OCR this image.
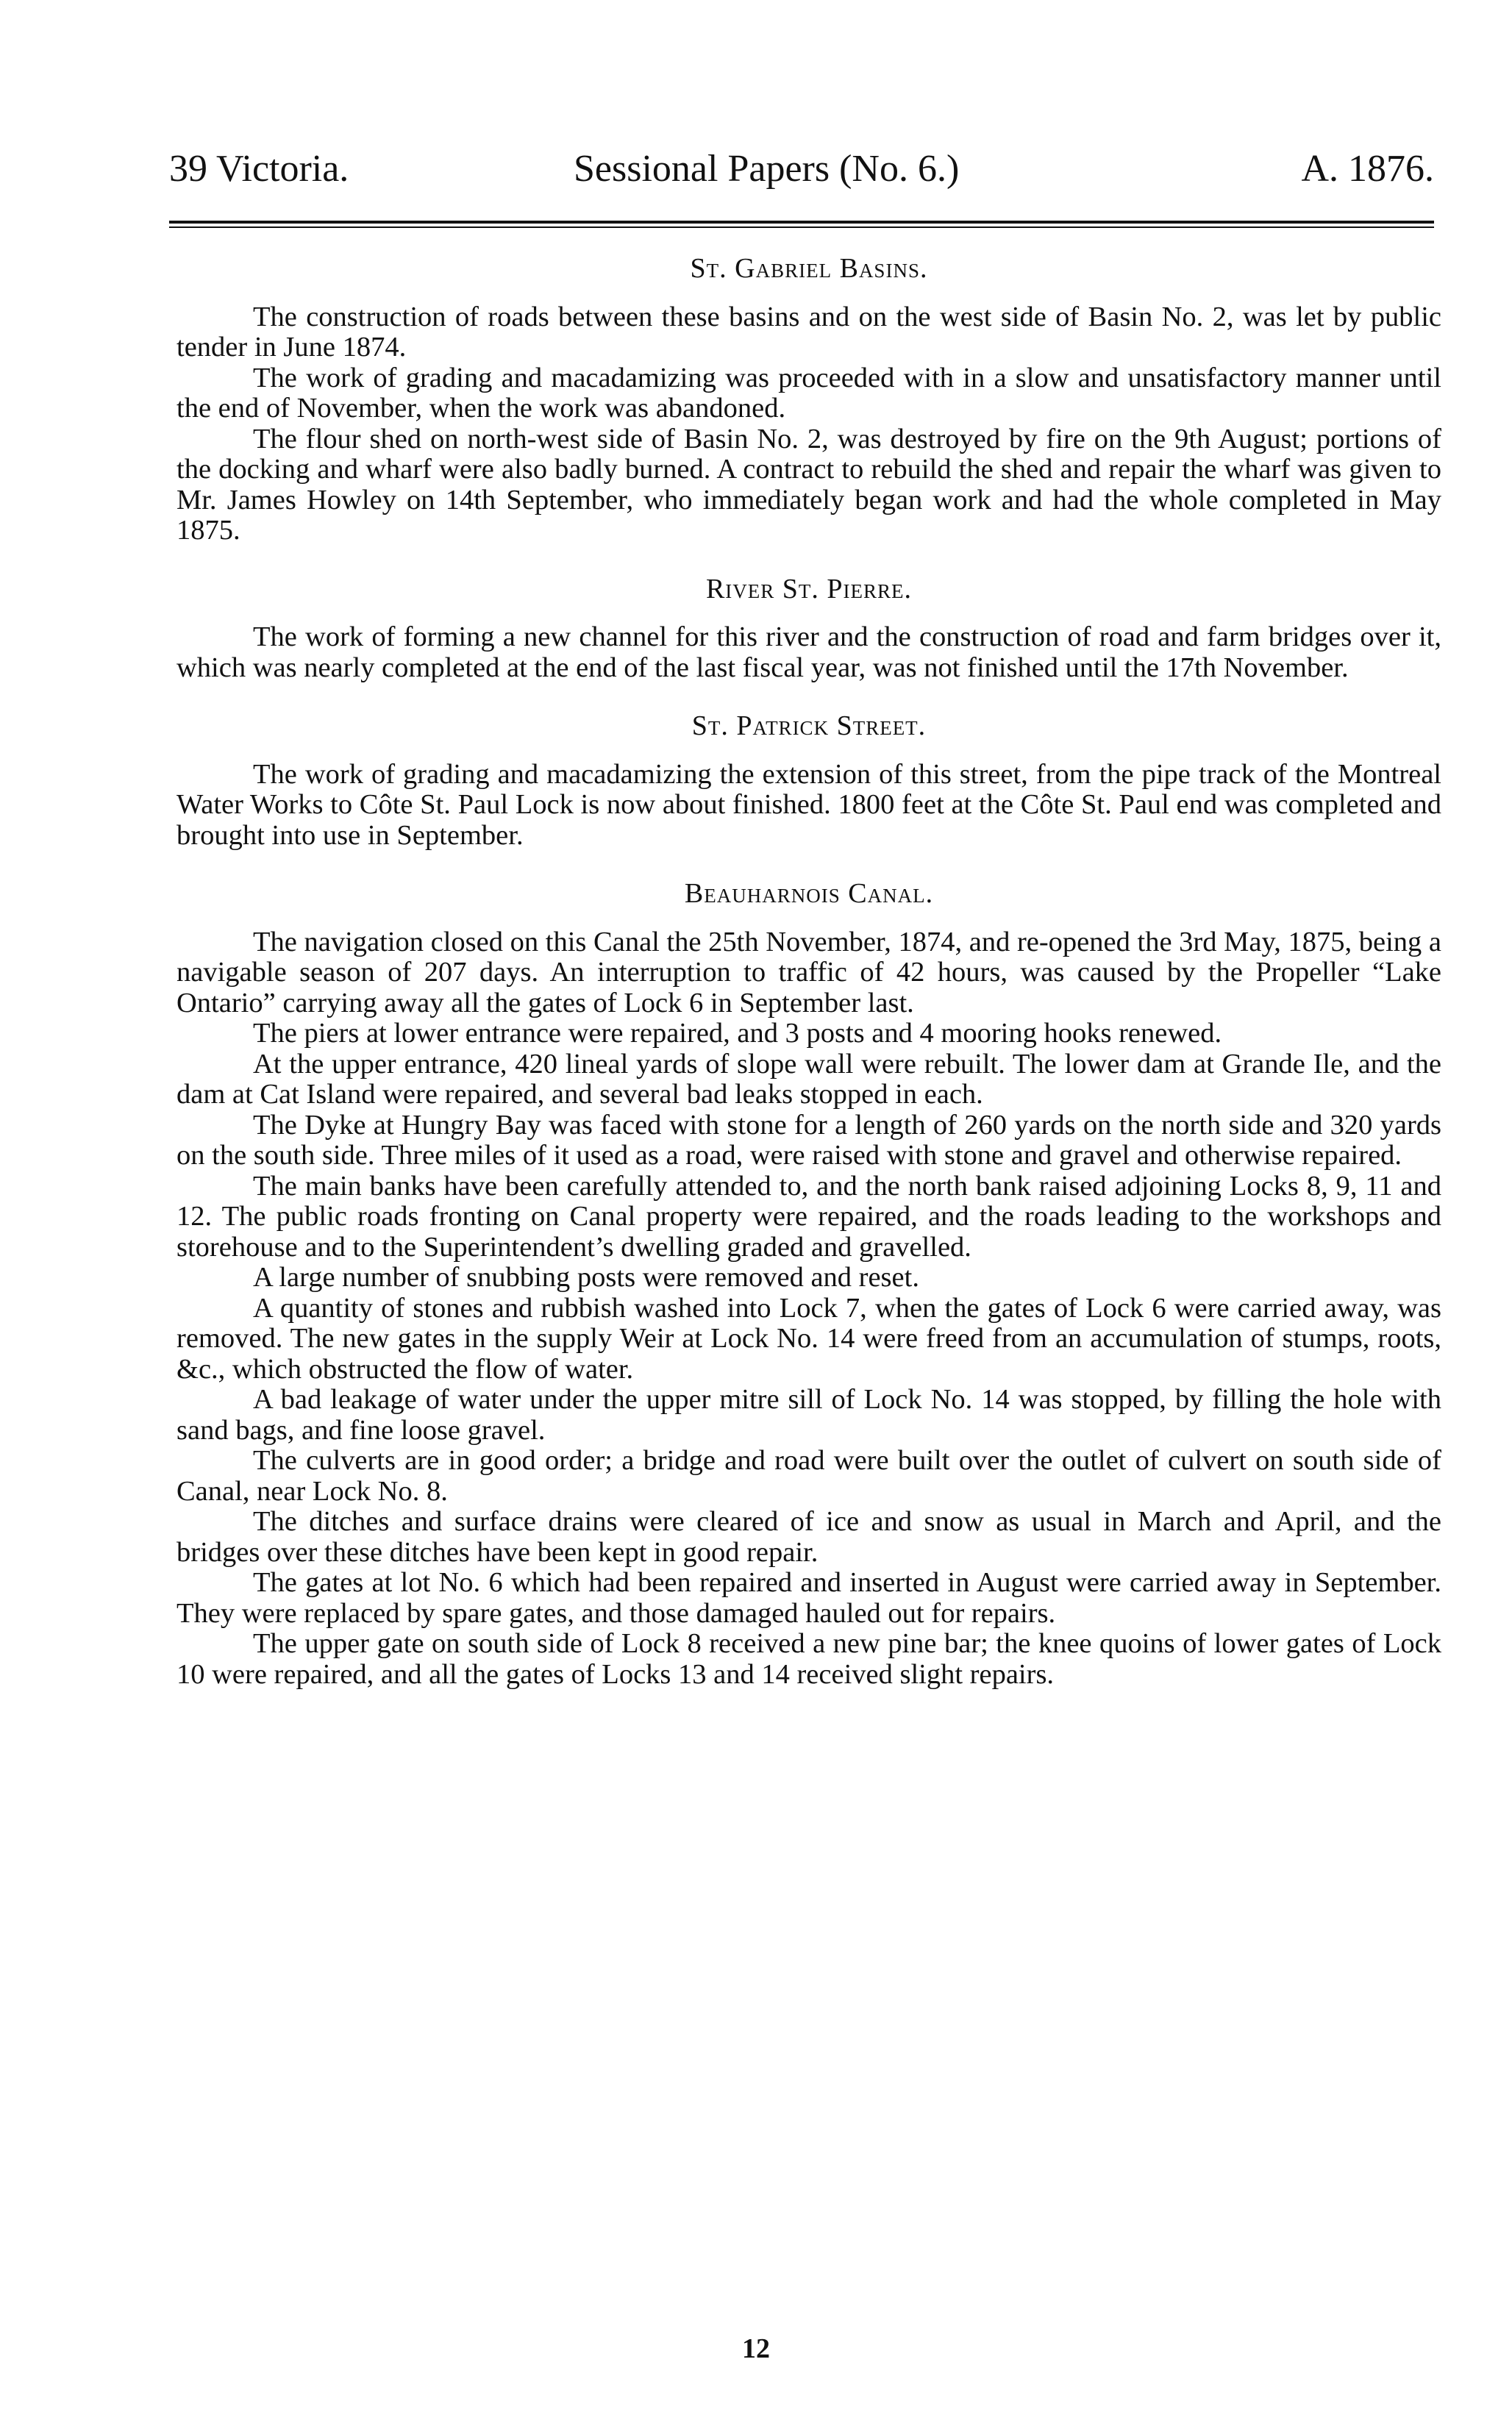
39 Victoria.	Sessional Papers (No. 6.)	A. 1876.
St. Gabriel Basins.

The construction of roads between these basins and on the west side of Basin No. 2, was let by public tender in June 1874.

The work of grading and macadamizing was proceeded with in a slow and unsatisfactory manner until the end of November, when the work was abandoned.

The flour shed on north-west side of Basin No. 2, was destroyed by fire on the 9th August; portions of the docking and wharf were also badly burned. A contract to rebuild the shed and repair the wharf was given to Mr. James Howley on 14th September, who immediately began work and had the whole completed in May 1875.

River St. Pierre.

The work of forming a new channel for this river and the construction of road and farm bridges over it, which was nearly completed at the end of the last fiscal year, was not finished until the 17th November.

St. Patrick Street.

The work of grading and macadamizing the extension of this street, from the pipe track of the Montreal Water Works to Côte St. Paul Lock is now about finished. 1800 feet at the Côte St. Paul end was completed and brought into use in September.

Beauharnois Canal.

The navigation closed on this Canal the 25th November, 1874, and re-opened the 3rd May, 1875, being a navigable season of 207 days. An interruption to traffic of 42 hours, was caused by the Propeller “Lake Ontario” carrying away all the gates of Lock 6 in September last.

The piers at lower entrance were repaired, and 3 posts and 4 mooring hooks renewed.

At the upper entrance, 420 lineal yards of slope wall were rebuilt. The lower dam at Grande Ile, and the dam at Cat Island were repaired, and several bad leaks stopped in each.

The Dyke at Hungry Bay was faced with stone for a length of 260 yards on the north side and 320 yards on the south side. Three miles of it used as a road, were raised with stone and gravel and otherwise repaired.

The main banks have been carefully attended to, and the north bank raised adjoining Locks 8, 9, 11 and 12. The public roads fronting on Canal property were repaired, and the roads leading to the workshops and storehouse and to the Superintendent’s dwelling graded and gravelled.

A large number of snubbing posts were removed and reset.

A quantity of stones and rubbish washed into Lock 7, when the gates of Lock 6 were carried away, was removed. The new gates in the supply Weir at Lock No. 14 were freed from an accumulation of stumps, roots, &c., which obstructed the flow of water.

A bad leakage of water under the upper mitre sill of Lock No. 14 was stopped, by filling the hole with sand bags, and fine loose gravel.

The culverts are in good order; a bridge and road were built over the outlet of culvert on south side of Canal, near Lock No. 8.

The ditches and surface drains were cleared of ice and snow as usual in March and April, and the bridges over these ditches have been kept in good repair.

The gates at lot No. 6 which had been repaired and inserted in August were carried away in September. They were replaced by spare gates, and those damaged hauled out for repairs.

The upper gate on south side of Lock 8 received a new pine bar; the knee quoins of lower gates of Lock 10 were repaired, and all the gates of Locks 13 and 14 received slight repairs.

12
